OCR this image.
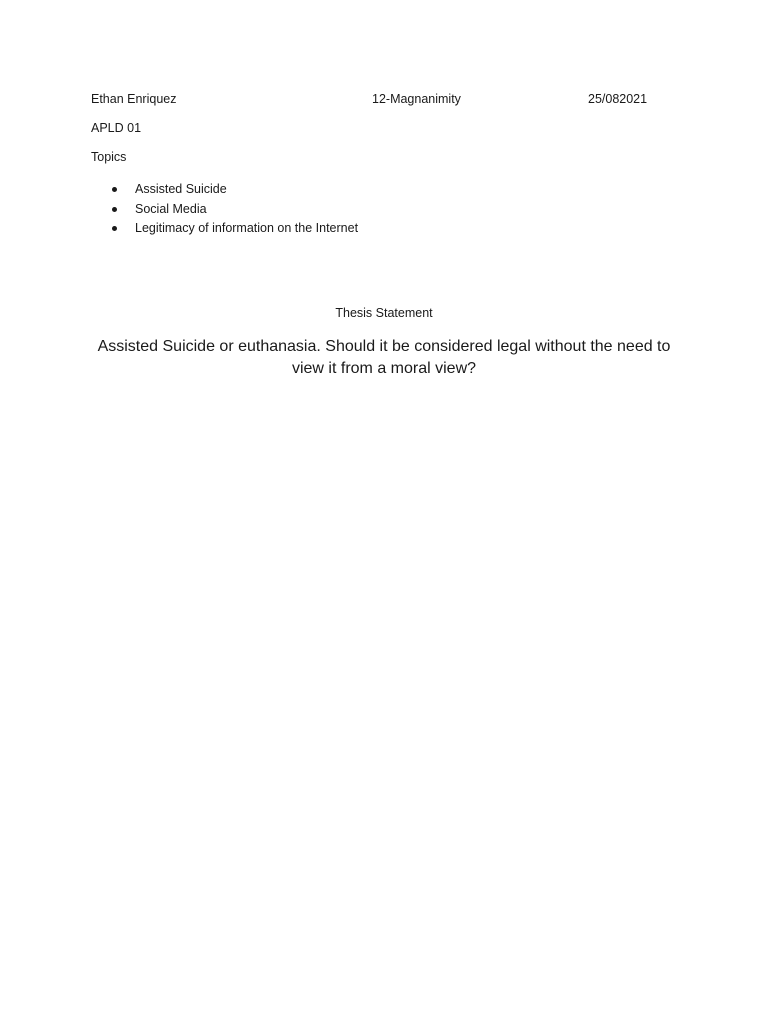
Ethan Enriquez	12-Magnanimity	25/082021
APLD 01
Topics
Assisted Suicide
Social Media
Legitimacy of information on the Internet
Thesis Statement
Assisted Suicide or euthanasia. Should it be considered legal without the need to view it from a moral view?
